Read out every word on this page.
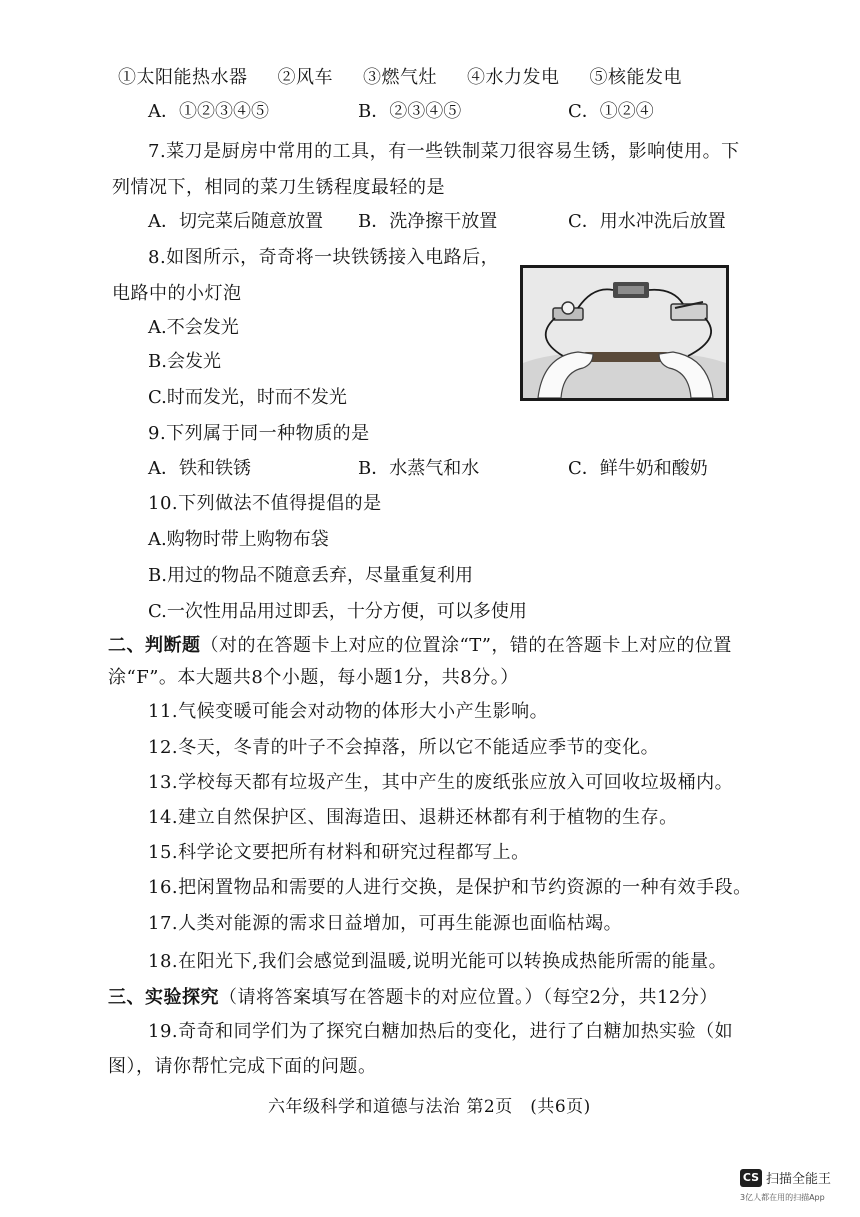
①太阳能热水器 ②风车 ③燃气灶 ④水力发电 ⑤核能发电
A．①②③④⑤	B．②③④⑤	C．①②④
7.菜刀是厨房中常用的工具，有一些铁制菜刀很容易生锈，影响使用。下
列情况下，相同的菜刀生锈程度最轻的是
A．切完菜后随意放置 B．洗净擦干放置	C．用水冲洗后放置
8.如图所示，奇奇将一块铁锈接入电路后，
电路中的小灯泡
A.不会发光
B.会发光
C.时而发光，时而不发光
9.下列属于同一种物质的是
A．铁和铁锈	B．水蒸气和水	C．鲜牛奶和酸奶
10.下列做法不值得提倡的是
A.购物时带上购物布袋
B.用过的物品不随意丢弃，尽量重复利用
C.一次性用品用过即丢，十分方便，可以多使用
二、判断题（对的在答题卡上对应的位置涂“T”，错的在答题卡上对应的位置
涂“F”。本大题共8个小题，每小题1分，共8分。）
11.气候变暖可能会对动物的体形大小产生影响。
12.冬天，冬青的叶子不会掉落，所以它不能适应季节的变化。
13.学校每天都有垃圾产生，其中产生的废纸张应放入可回收垃圾桶内。
14.建立自然保护区、围海造田、退耕还林都有利于植物的生存。
15.科学论文要把所有材料和研究过程都写上。
16.把闲置物品和需要的人进行交换，是保护和节约资源的一种有效手段。
17.人类对能源的需求日益增加，可再生能源也面临枯竭。
18.在阳光下,我们会感觉到温暖,说明光能可以转换成热能所需的能量。
三、实验探究（请将答案填写在答题卡的对应位置。）（每空2分，共12分）
19.奇奇和同学们为了探究白糖加热后的变化，进行了白糖加热实验（如
图），请你帮忙完成下面的问题。
六年级科学和道德与法治 第2页　(共6页)
CS 扫描全能王
3亿人都在用的扫描App
